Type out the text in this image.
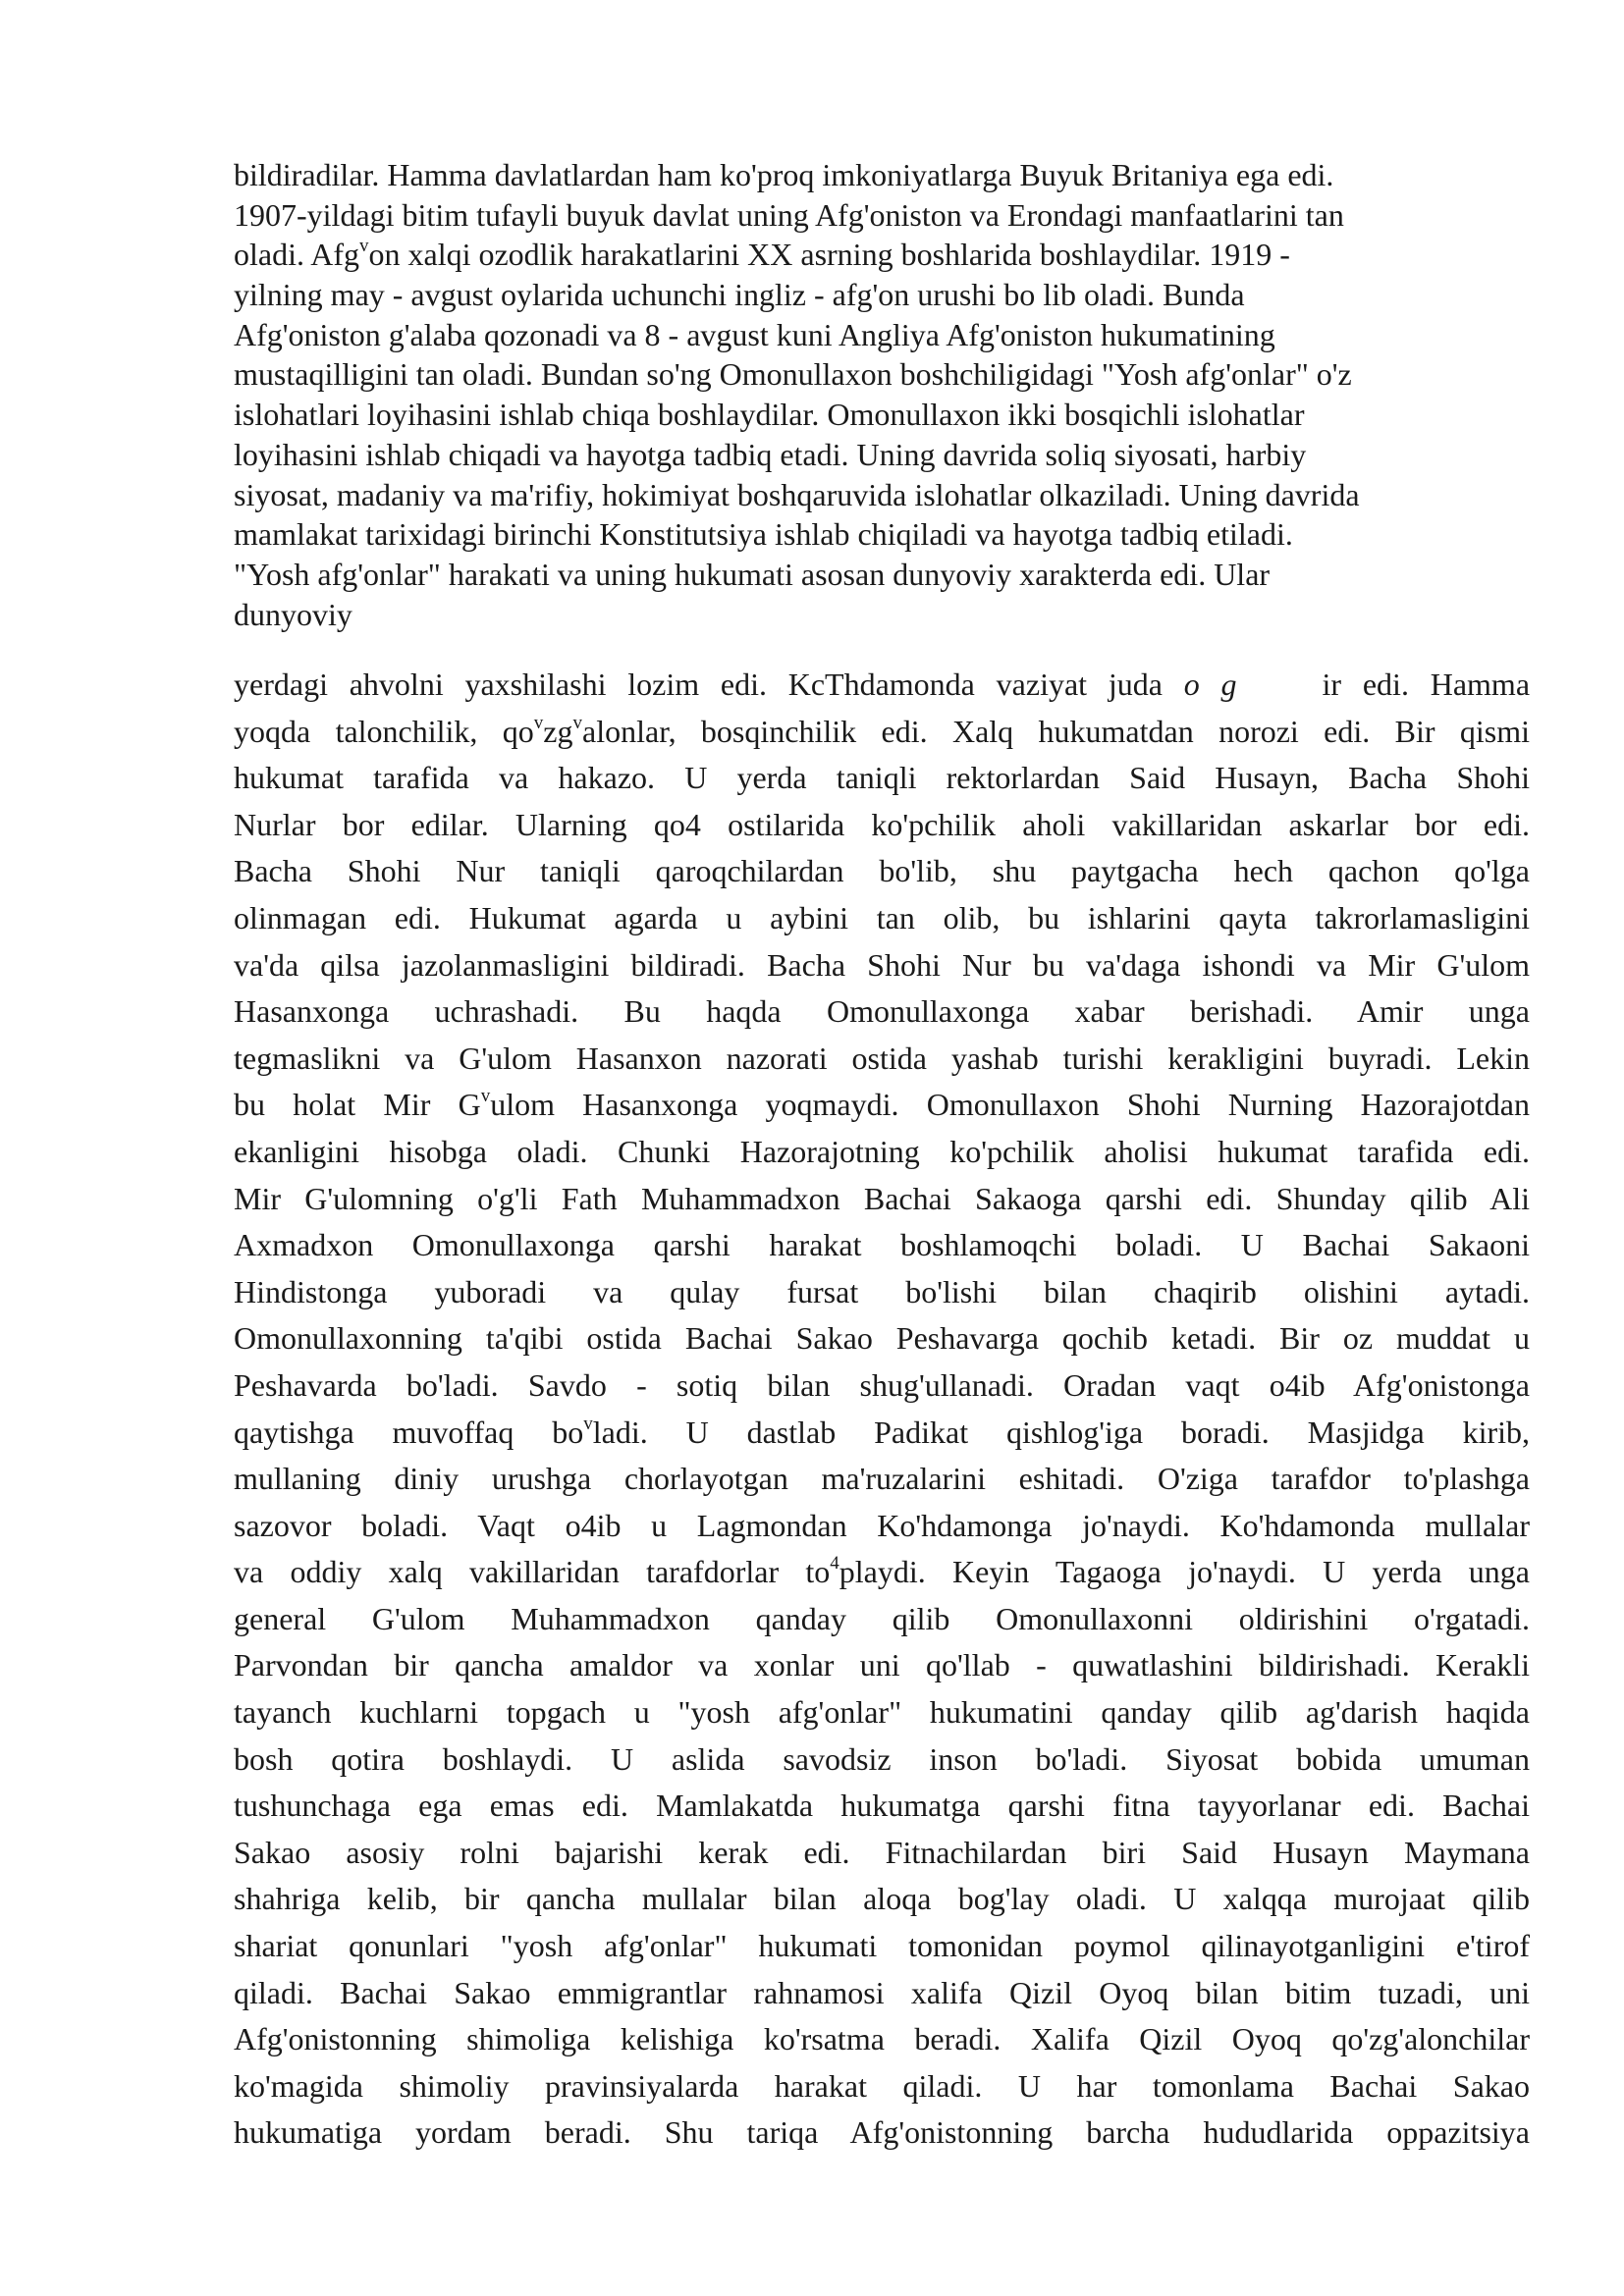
bildiradilar. Hamma davlatlardan ham ko'proq imkoniyatlarga Buyuk Britaniya ega edi.
1907-yildagi bitim tufayli buyuk davlat uning Afg'oniston va Erondagi manfaatlarini tan
oladi. Afg$^v$on xalqi ozodlik harakatlarini XX asrning boshlarida boshlaydilar. 1919 -
yilning may - avgust oylarida uchunchi ingliz - afg'on urushi bo lib oladi. Bunda
Afg'oniston g'alaba qozonadi va 8 - avgust kuni Angliya Afg'oniston hukumatining
mustaqilligini tan oladi. Bundan so'ng Omonullaxon boshchiligidagi "Yosh afg'onlar" o'z
islohatlari loyihasini ishlab chiqa boshlaydilar. Omonullaxon ikki bosqichli islohatlar
loyihasini ishlab chiqadi va hayotga tadbiq etadi. Uning davrida soliq siyosati, harbiy
siyosat, madaniy va ma'rifiy, hokimiyat boshqaruvida islohatlar olkaziladi. Uning davrida
mamlakat tarixidagi birinchi Konstitutsiya ishlab chiqiladi va hayotga tadbiq etiladi.
"Yosh afg'onlar" harakati va uning hukumati asosan dunyoviy xarakterda edi. Ular
dunyoviy
yerdagi ahvolni yaxshilashi lozim edi. KcThdamonda vaziyat juda o g    ir edi. Hamma
yoqda talonchilik, $qo^vzg^valonlar$, bosqinchilik edi. Xalq hukumatdan norozi edi. Bir qismi
hukumat tarafida va hakazo. U yerda taniqli rektorlardan Said Husayn, Bacha Shohi
Nurlar bor edilar. Ularning qo4 ostilarida ko'pchilik aholi vakillaridan askarlar bor edi.
Bacha Shohi Nur taniqli qaroqchilardan bo'lib, shu paytgacha hech qachon qo'lga
olinmagan edi. Hukumat agarda u aybini tan olib, bu ishlarini qayta takrorlamasligini
va'da qilsa jazolanmasligini bildiradi. Bacha Shohi Nur bu va'daga ishondi va Mir G'ulom
Hasanxonga uchrashadi. Bu haqda Omonullaxonga xabar berishadi. Amir unga
tegmaslikni va G'ulom Hasanxon nazorati ostida yashab turishi kerakligini buyradi. Lekin
bu holat Mir $G^vulom$ Hasanxonga yoqmaydi. Omonullaxon Shohi Nurning Hazorajotdan
ekanligini hisobga oladi. Chunki Hazorajotning ko'pchilik aholisi hukumat tarafida edi.
Mir G'ulomning o'g'li Fath Muhammadxon Bachai Sakaoga qarshi edi. Shunday qilib Ali
Axmadxon Omonullaxonga qarshi harakat boshlamoqchi boladi. U Bachai Sakaoni
Hindistonga yuboradi va qulay fursat bo'lishi bilan chaqirib olishini aytadi.
Omonullaxonning ta'qibi ostida Bachai Sakao Peshavarga qochib ketadi. Bir oz muddat u
Peshavarda bo'ladi. Savdo - sotiq bilan shug'ullanadi. Oradan vaqt o4ib Afg'onistonga
qaytishga muvoffaq $bo^vladi$. U dastlab Padikat qishlog'iga boradi. Masjidga kirib,
mullaning diniy urushga chorlayotgan ma'ruzalarini eshitadi. O'ziga tarafdor to'plashga
sazovor boladi. Vaqt o4ib u Lagmondan Ko'hdamonga jo'naydi. Ko'hdamonda mullalar
va oddiy xalq vakillaridan tarafdorlar $to^4playdi$. Keyin Tagaoga jo'naydi. U yerda unga
general G'ulom Muhammadxon qanday qilib Omonullaxonni oldirishini o'rgatadi.
Parvondan bir qancha amaldor va xonlar uni qo'llab - quwatlashini bildirishadi. Kerakli
tayanch kuchlarni topgach u "yosh afg'onlar" hukumatini qanday qilib ag'darish haqida
bosh qotira boshlaydi. U aslida savodsiz inson bo'ladi. Siyosat bobida umuman
tushunchaga ega emas edi. Mamlakatda hukumatga qarshi fitna tayyorlanar edi. Bachai
Sakao asosiy rolni bajarishi kerak edi. Fitnachilardan biri Said Husayn Maymana
shahriga kelib, bir qancha mullalar bilan aloqa bog'lay oladi. U xalqqa murojaat qilib
shariat qonunlari "yosh afg'onlar" hukumati tomonidan poymol qilinayotganligini e'tirof
qiladi. Bachai Sakao emmigrantlar rahnamosi xalifa Qizil Oyoq bilan bitim tuzadi, uni
Afg'onistonning shimoliga kelishiga ko'rsatma beradi. Xalifa Qizil Oyoq qo'zg'alonchilar
ko'magida shimoliy pravinsiyalarda harakat qiladi. U har tomonlama Bachai Sakao
hukumatiga yordam beradi. Shu tariqa Afg'onistonning barcha hududlarida oppazitsiya
